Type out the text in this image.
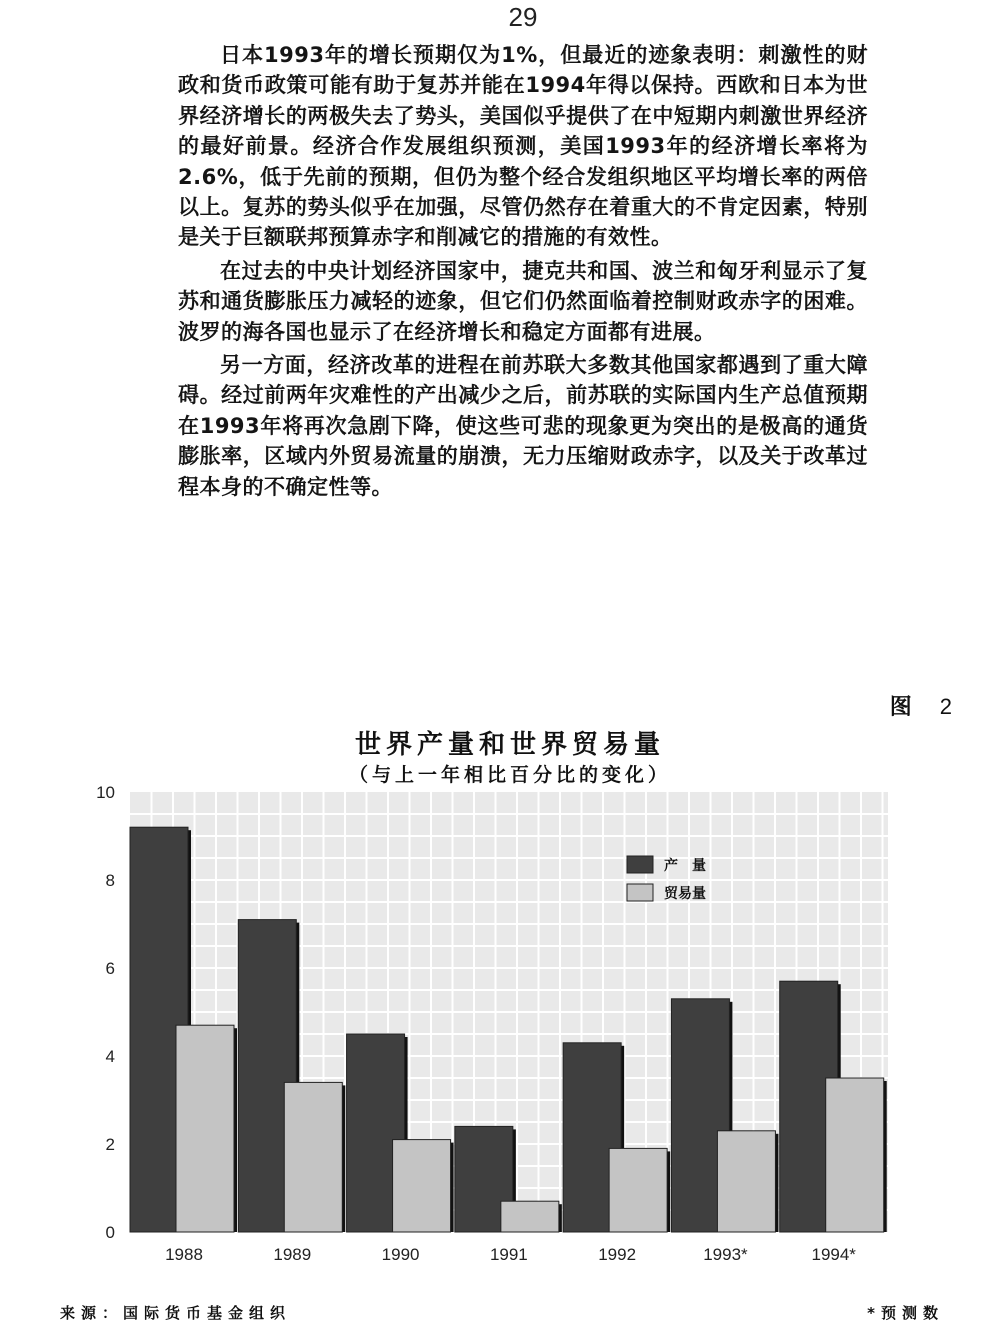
29

日本1993年的增长预期仅为1%，但最近的迹象表明：刺激性的财政和货币政策可能有助于复苏并能在1994年得以保持。西欧和日本为世界经济增长的两极失去了势头，美国似乎提供了在中短期内刺激世界经济的最好前景。经济合作发展组织预测，美国1993年的经济增长率将为2.6%，低于先前的预期，但仍为整个经合发组织地区平均增长率的两倍以上。复苏的势头似乎在加强，尽管仍然存在着重大的不肯定因素，特别是关于巨额联邦预算赤字和削减它的措施的有效性。

在过去的中央计划经济国家中，捷克共和国、波兰和匈牙利显示了复苏和通货膨胀压力减轻的迹象，但它们仍然面临着控制财政赤字的困难。波罗的海各国也显示了在经济增长和稳定方面都有进展。

另一方面，经济改革的进程在前苏联大多数其他国家都遇到了重大障碍。经过前两年灾难性的产出减少之后，前苏联的实际国内生产总值预期在1993年将再次急剧下降，使这些可悲的现象更为突出的是极高的通货膨胀率，区域内外贸易流量的崩溃，无力压缩财政赤字，以及关于改革过程本身的不确定性等。

图 2
世界产量和世界贸易量
（与上一年相比百分比的变化）
0
2
4
6
8
10
1988	1989	1990	1991	1992	1993*	1994*
产　量
贸易量
来源：国际货币基金组织	*预测数
